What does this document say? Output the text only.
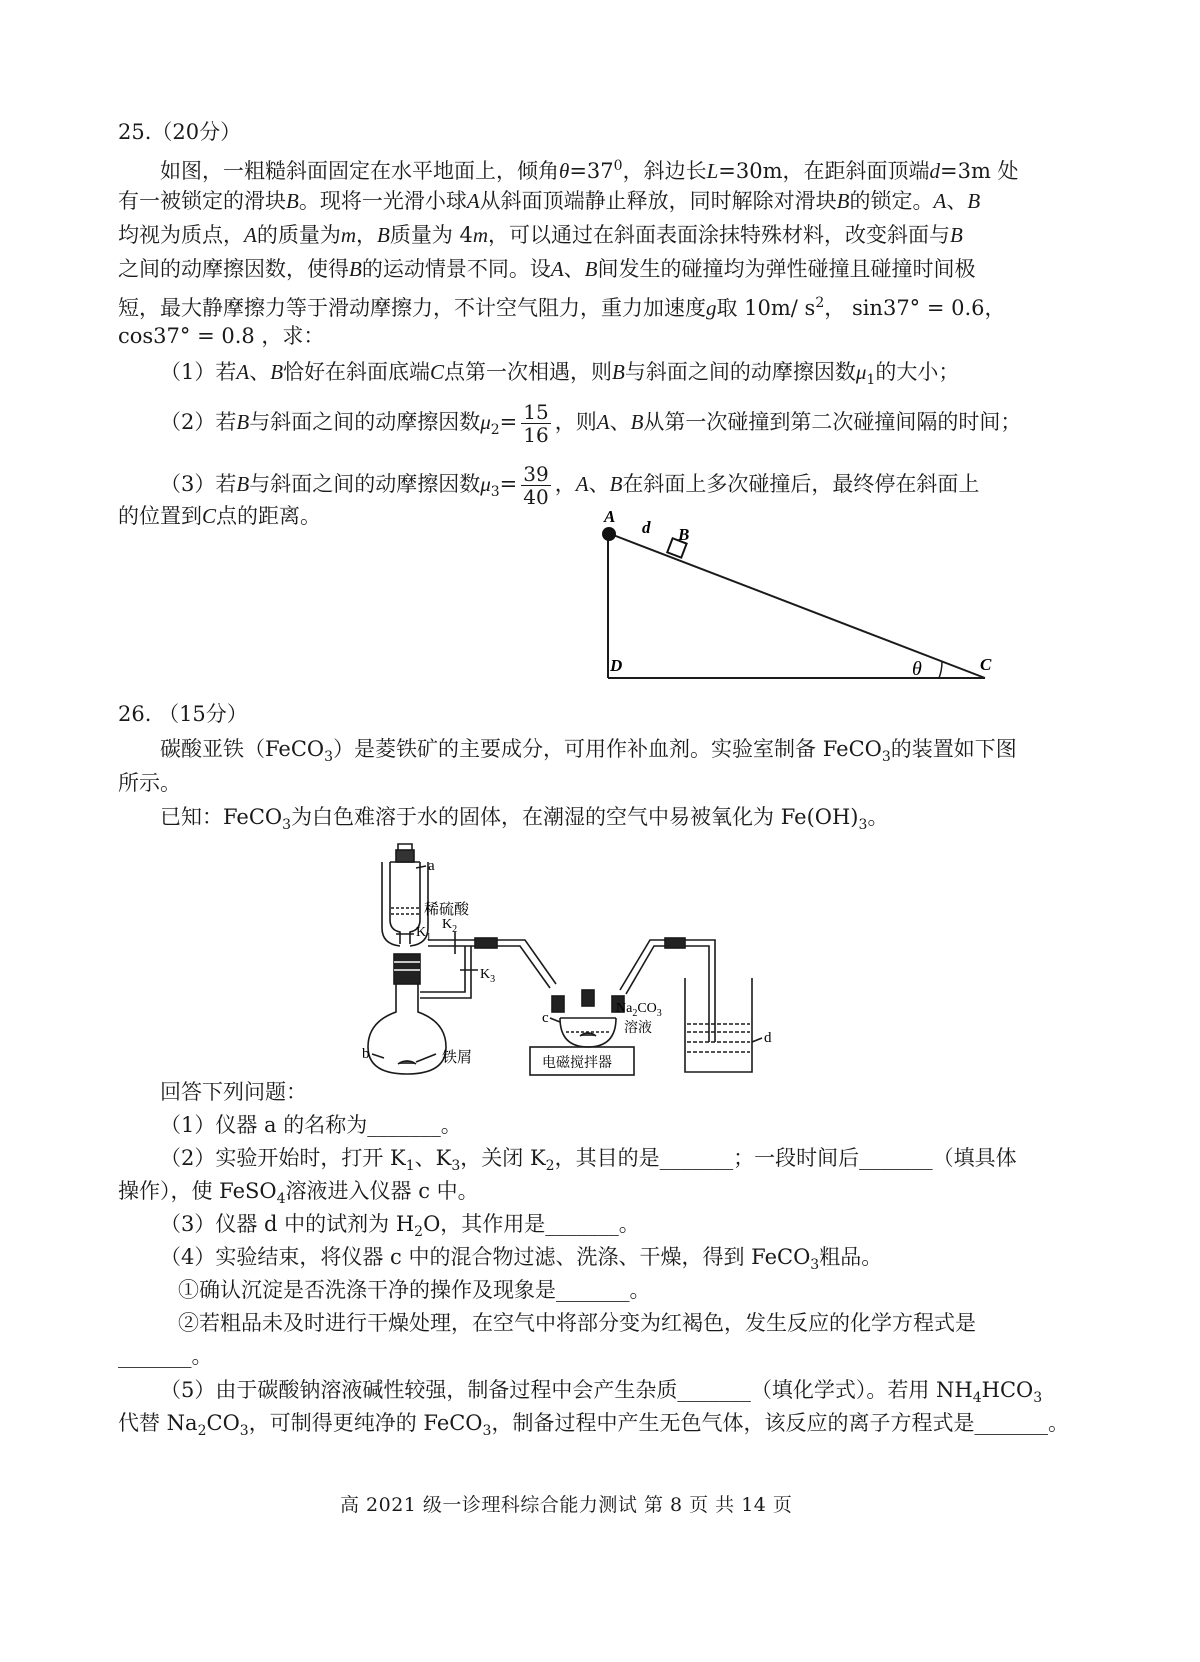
25.（20分）
如图，一粗糙斜面固定在水平地面上，倾角$\theta=37^0$，斜边长L=30m，在距斜面顶端d=3m 处
有一被锁定的滑块B。现将一光滑小球A从斜面顶端静止释放，同时解除对滑块B的锁定。A、B
均视为质点，A的质量为m，B质量为 4m，可以通过在斜面表面涂抹特殊材料，改变斜面与B
之间的动摩擦因数，使得B的运动情景不同。设A、B间发生的碰撞均为弹性碰撞且碰撞时间极
短，最大静摩擦力等于滑动摩擦力，不计空气阻力，重力加速度g取 10m/ $s^2$， sin37° = 0.6，
cos37° = 0.8 ，求：
（1）若A、B恰好在斜面底端C点第一次相遇，则B与斜面之间的动摩擦因数$\mu_1$的大小；
（2）若B与斜面之间的动摩擦因数$\mu_2= \frac{15}{16}$ ，则A、B从第一次碰撞到第二次碰撞间隔的时间；
（3）若B与斜面之间的动摩擦因数$\mu_3= \frac{39}{40}$ ，A、B在斜面上多次碰撞后，最终停在斜面上
的位置到C点的距离。	A
d B
D	θ	C
26. （15分）
碳酸亚铁（FeCO$_3$）是菱铁矿的主要成分，可用作补血剂。实验室制备 FeCO$_3$的装置如下图
所示。
已知：FeCO$_3$为白色难溶于水的固体，在潮湿的空气中易被氧化为 $Fe(OH)_3$。
a
稀硫酸
$K_1$
$K_2$
$K_3$
b	铁屑
c
$Na_2CO_3$
溶液
电磁搅拌器
d
回答下列问题：
（1）仪器 a 的名称为_______。
（2）实验开始时，打开 $K_1$、$K_3$，关闭 $K_2$，其目的是_______；一段时间后_______（填具体
操作），使 FeSO$_4$溶液进入仪器 c 中。
（3）仪器 d 中的试剂为 $H_2O$，其作用是_______。
（4）实验结束，将仪器 c 中的混合物过滤、洗涤、干燥，得到 FeCO$_3$粗品。
①确认沉淀是否洗涤干净的操作及现象是_______。
②若粗品未及时进行干燥处理，在空气中将部分变为红褐色，发生反应的化学方程式是
_______。
（5）由于碳酸钠溶液碱性较强，制备过程中会产生杂质_______（填化学式）。若用 $NH_4HCO_3$
代替 $Na_2CO_3$，可制得更纯净的 FeCO$_3$，制备过程中产生无色气体，该反应的离子方程式是_______。
高 2021 级一诊理科综合能力测试 第 8 页 共 14 页
